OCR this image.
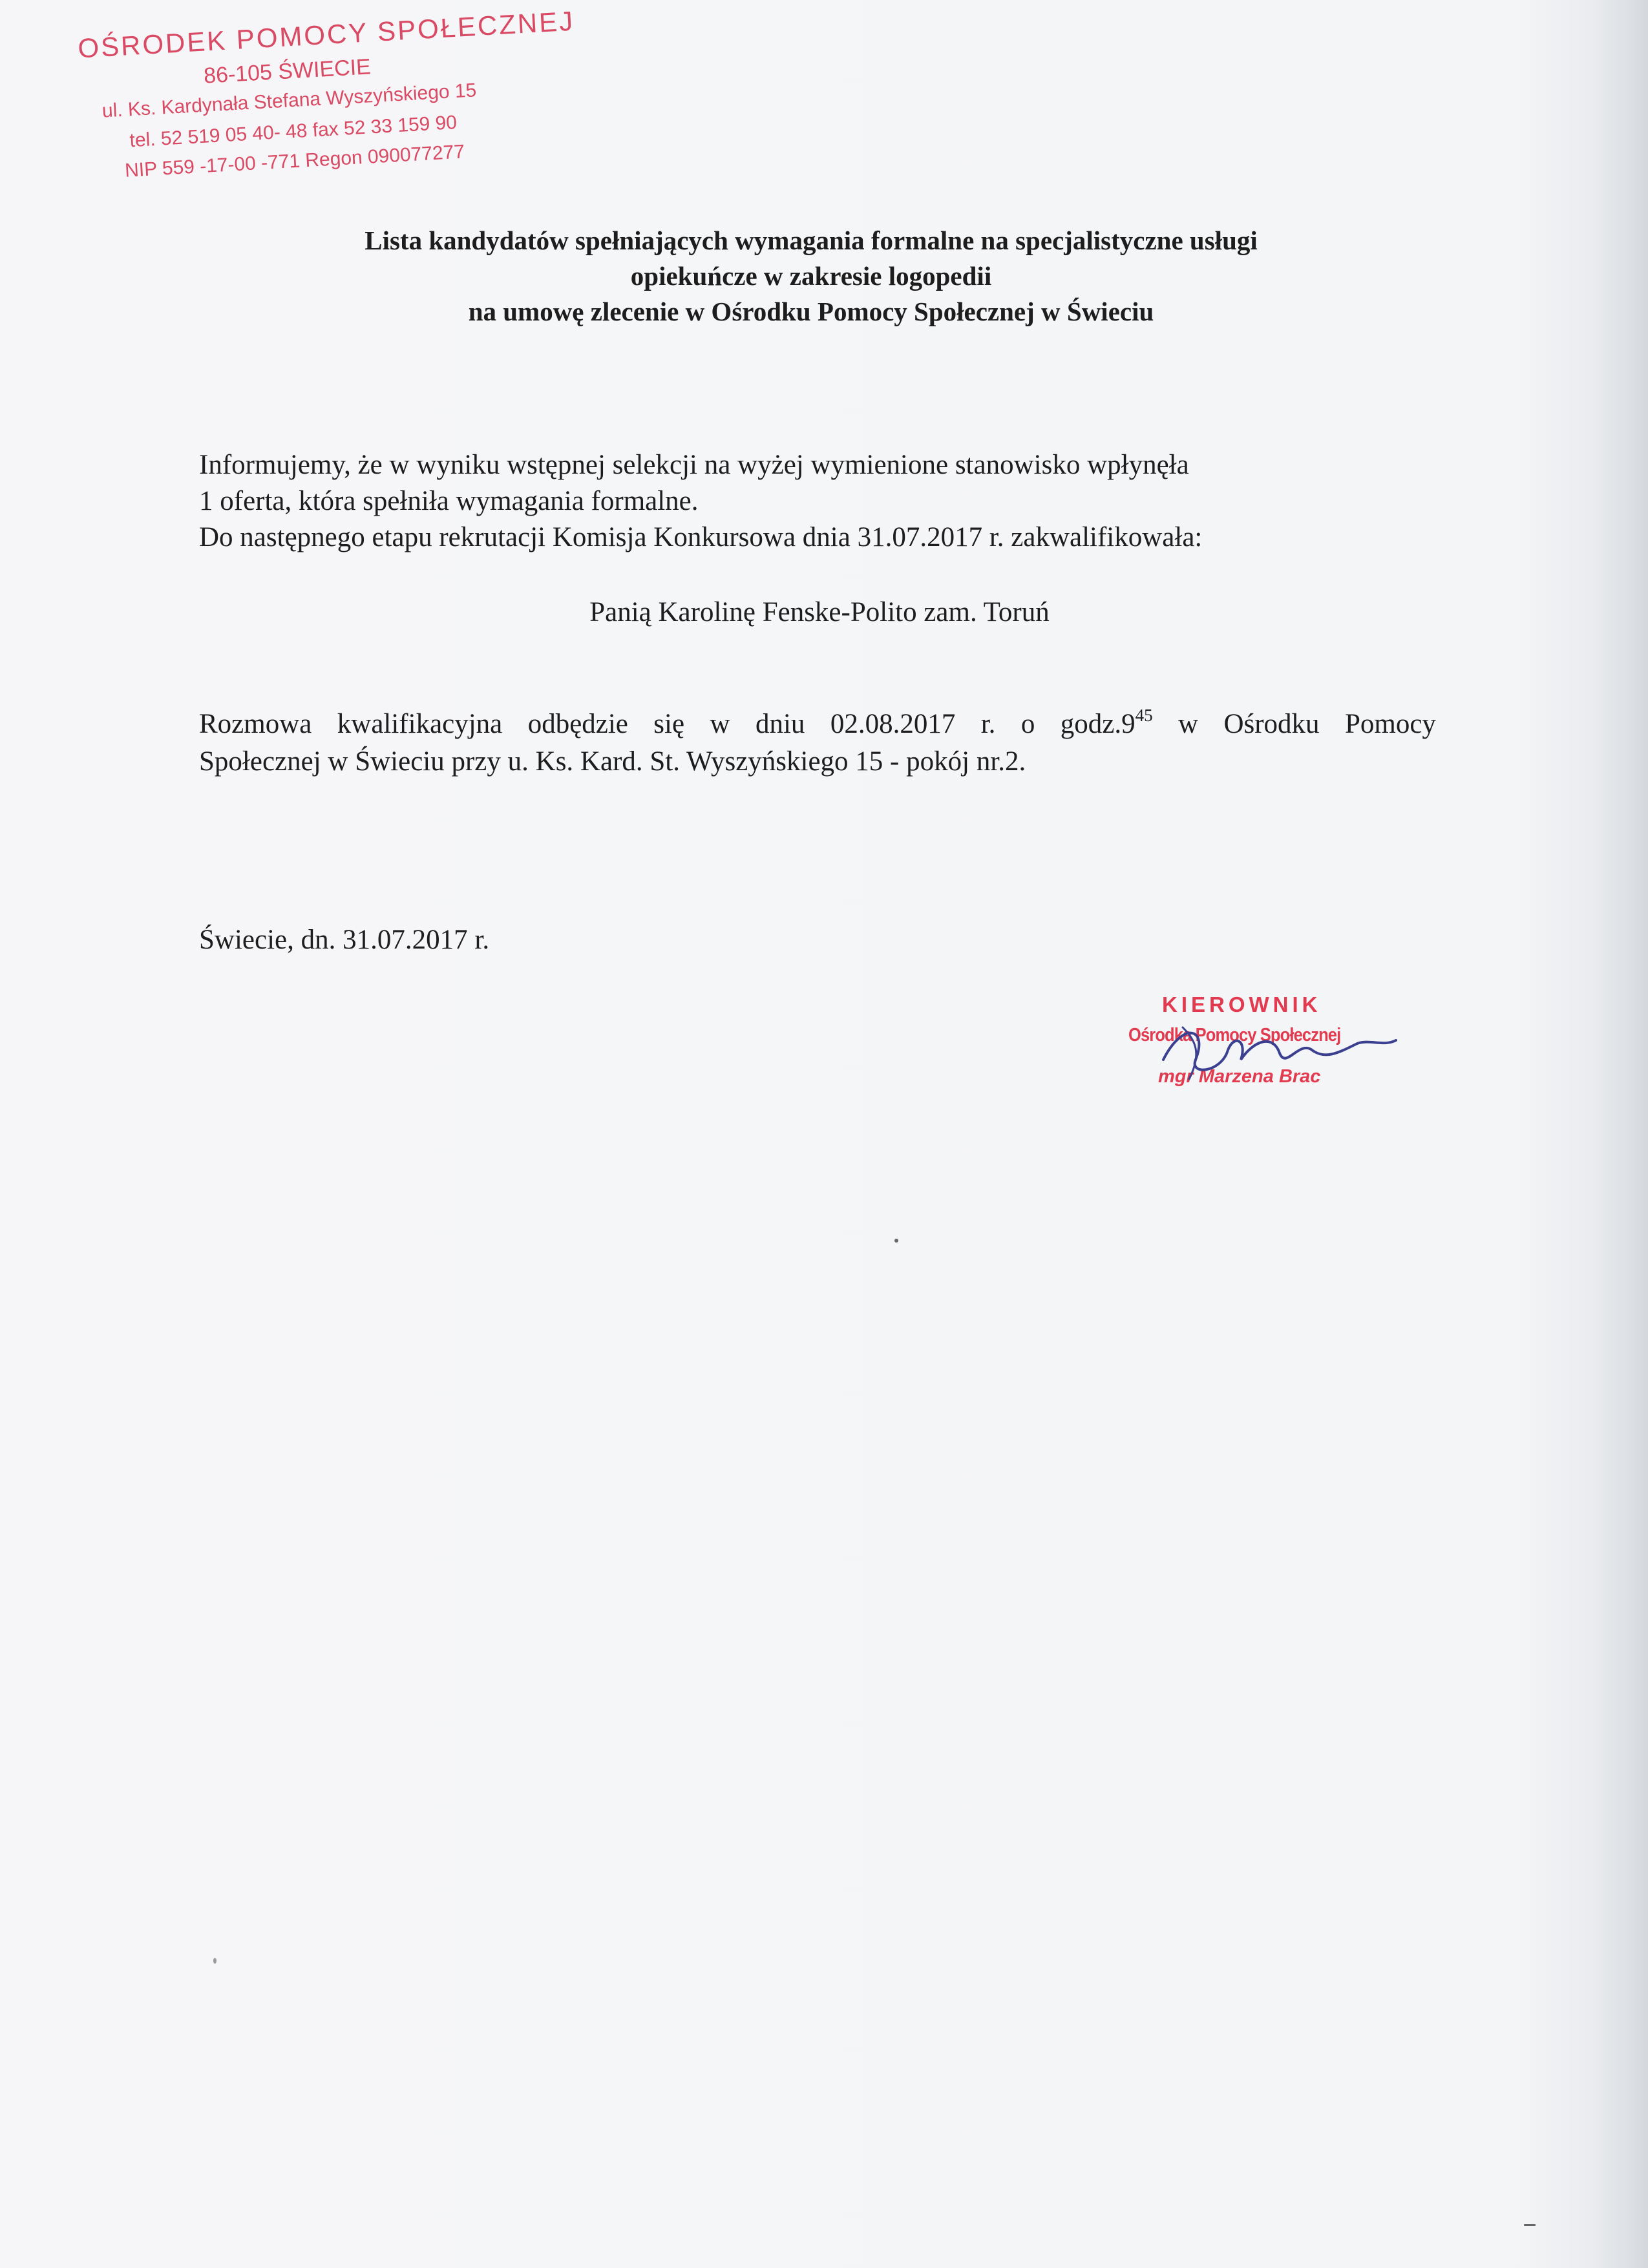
OŚRODEK POMOCY SPOŁECZNEJ
86-105 ŚWIECIE
ul. Ks. Kardynała Stefana Wyszyńskiego 15
tel. 52 519 05 40- 48 fax 52 33 159 90
NIP 559 -17-00 -771 Regon 090077277
Lista kandydatów spełniających wymagania formalne na specjalistyczne usługi
opiekuńcze w zakresie logopedii
na umowę zlecenie w Ośrodku Pomocy Społecznej w Świeciu
Informujemy, że w wyniku wstępnej selekcji na wyżej wymienione stanowisko wpłynęła
1 oferta, która spełniła wymagania formalne.
Do następnego etapu rekrutacji Komisja Konkursowa dnia 31.07.2017 r. zakwalifikowała:
Panią Karolinę Fenske-Polito zam. Toruń
Rozmowa kwalifikacyjna odbędzie się w dniu 02.08.2017 r. o $godz.9^{45}$ w Ośrodku Pomocy
Społecznej w Świeciu przy u. Ks. Kard. St. Wyszyńskiego 15 - pokój nr.2.
Świecie, dn. 31.07.2017 r.
KIEROWNIK
Ośrodka Pomocy Społecznej
mgr Marzena Brac
